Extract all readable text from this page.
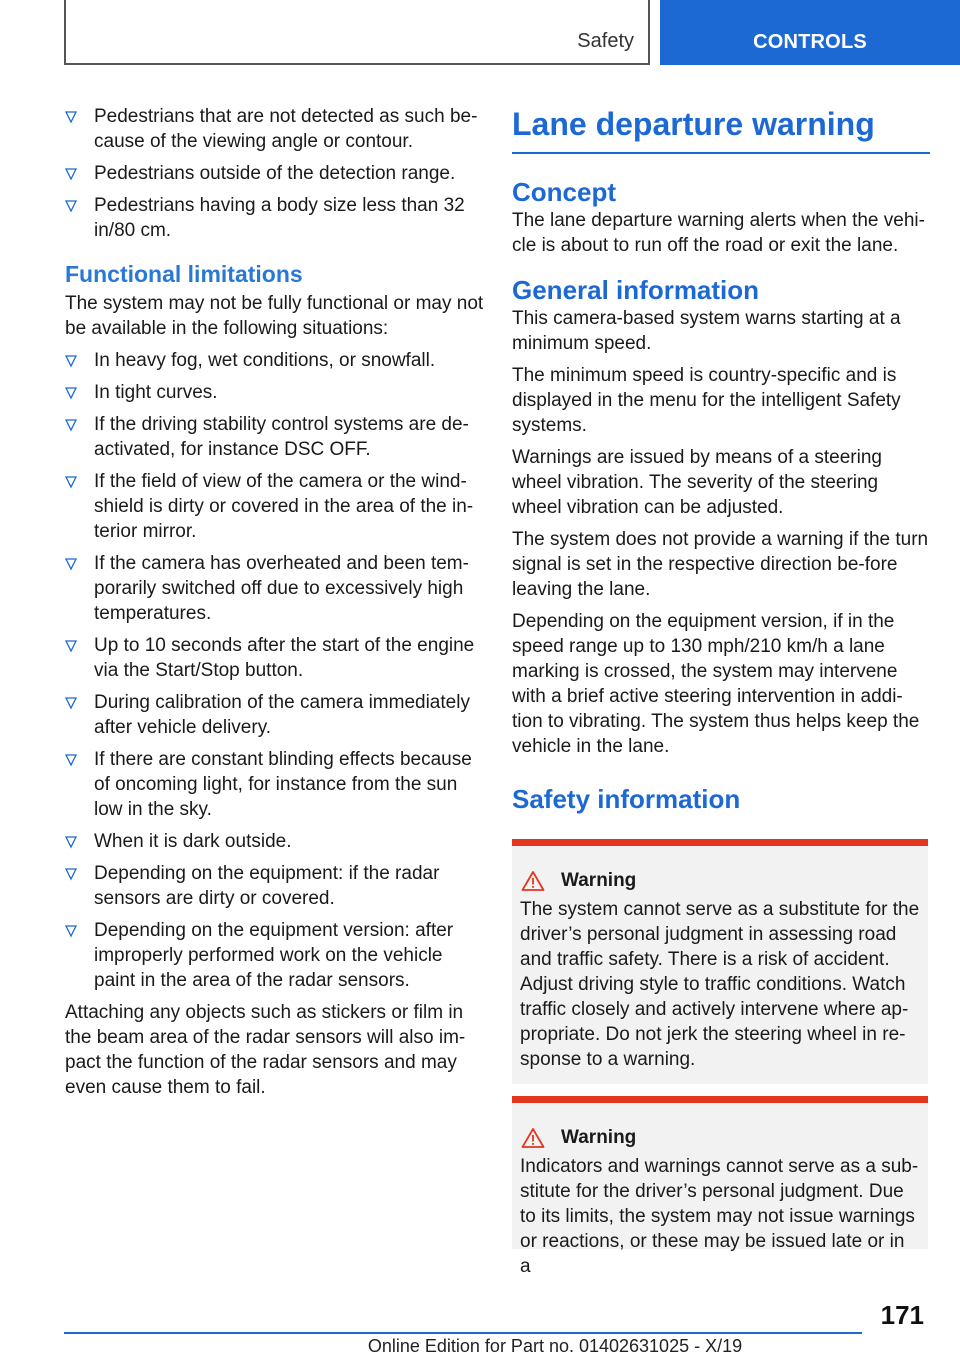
Safety	CONTROLS
Pedestrians that are not detected as such be‐cause of the viewing angle or contour.
Pedestrians outside of the detection range.
Pedestrians having a body size less than 32 in/80 cm.
Functional limitations

The system may not be fully functional or may not be available in the following situations:

In heavy fog, wet conditions, or snowfall.
In tight curves.
If the driving stability control systems are de‐activated, for instance DSC OFF.
If the field of view of the camera or the wind‐shield is dirty or covered in the area of the in‐terior mirror.
If the camera has overheated and been tem‐porarily switched off due to excessively high temperatures.
Up to 10 seconds after the start of the engine via the Start/Stop button.
During calibration of the camera immediately after vehicle delivery.
If there are constant blinding effects because of oncoming light, for instance from the sun low in the sky.
When it is dark outside.
Depending on the equipment: if the radar sensors are dirty or covered.
Depending on the equipment version: after improperly performed work on the vehicle paint in the area of the radar sensors.

Attaching any objects such as stickers or film in the beam area of the radar sensors will also im‐pact the function of the radar sensors and may even cause them to fail.

Lane departure warning
Concept

The lane departure warning alerts when the vehi‐cle is about to run off the road or exit the lane.

General information

This camera-based system warns starting at a minimum speed.

The minimum speed is country-specific and is displayed in the menu for the intelligent Safety systems.

Warnings are issued by means of a steering wheel vibration. The severity of the steering wheel vibration can be adjusted.

The system does not provide a warning if the turn signal is set in the respective direction be‐fore leaving the lane.

Depending on the equipment version, if in the speed range up to 130 mph/210 km/h a lane marking is crossed, the system may intervene with a brief active steering intervention in addi‐tion to vibrating. The system thus helps keep the vehicle in the lane.

Safety information
Warning

The system cannot serve as a substitute for the driver’s personal judgment in assessing road and traffic safety. There is a risk of accident. Adjust driving style to traffic conditions. Watch traffic closely and actively intervene where ap‐propriate. Do not jerk the steering wheel in re‐sponse to a warning.

Warning

Indicators and warnings cannot serve as a sub‐stitute for the driver’s personal judgment. Due to its limits, the system may not issue warnings or reactions, or these may be issued late or in a

171
Online Edition for Part no. 01402631025 - X/19
